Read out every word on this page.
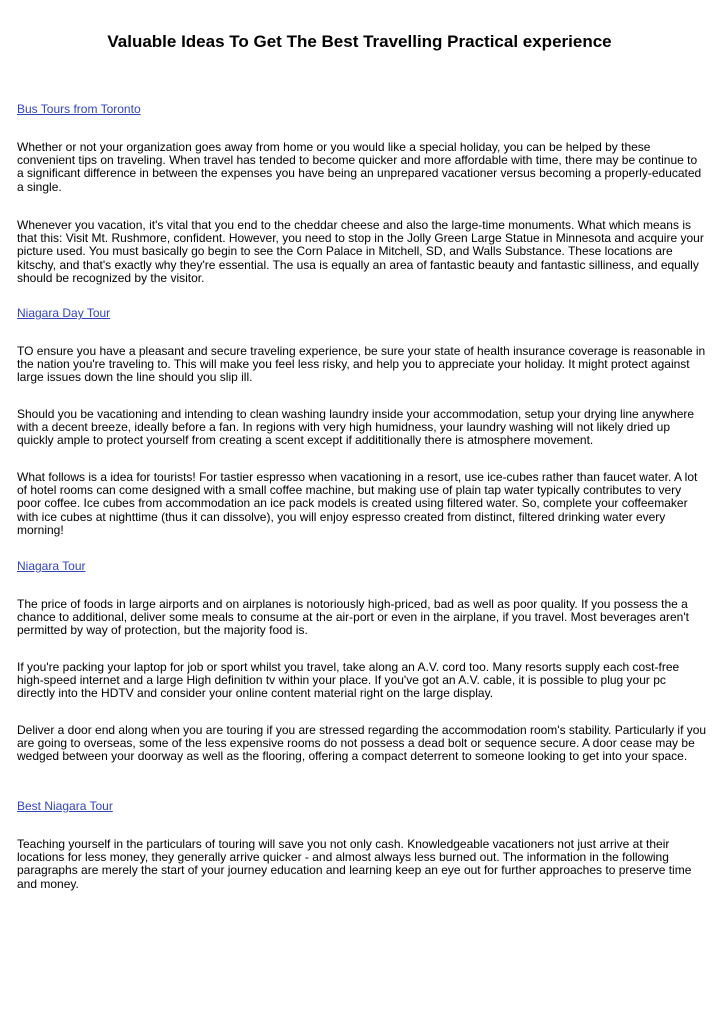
Valuable Ideas To Get The Best Travelling Practical experience

Bus Tours from Toronto

Whether or not your organization goes away from home or you would like a special holiday, you can be helped by these convenient tips on traveling. When travel has tended to become quicker and more affordable with time, there may be continue to a significant difference in between the expenses you have being an unprepared vacationer versus becoming a properly-educated a single.

Whenever you vacation, it's vital that you end to the cheddar cheese and also the large-time monuments. What which means is that this: Visit Mt. Rushmore, confident. However, you need to stop in the Jolly Green Large Statue in Minnesota and acquire your picture used. You must basically go begin to see the Corn Palace in Mitchell, SD, and Walls Substance. These locations are kitschy, and that's exactly why they're essential. The usa is equally an area of fantastic beauty and fantastic silliness, and equally should be recognized by the visitor.

Niagara Day Tour

TO ensure you have a pleasant and secure traveling experience, be sure your state of health insurance coverage is reasonable in the nation you're traveling to. This will make you feel less risky, and help you to appreciate your holiday. It might protect against large issues down the line should you slip ill.

Should you be vacationing and intending to clean washing laundry inside your accommodation, setup your drying line anywhere with a decent breeze, ideally before a fan. In regions with very high humidness, your laundry washing will not likely dried up quickly ample to protect yourself from creating a scent except if addititionally there is atmosphere movement.

What follows is a idea for tourists! For tastier espresso when vacationing in a resort, use ice-cubes rather than faucet water. A lot of hotel rooms can come designed with a small coffee machine, but making use of plain tap water typically contributes to very poor coffee. Ice cubes from accommodation an ice pack models is created using filtered water. So, complete your coffeemaker with ice cubes at nighttime (thus it can dissolve), you will enjoy espresso created from distinct, filtered drinking water every morning!

Niagara Tour

The price of foods in large airports and on airplanes is notoriously high-priced, bad as well as poor quality. If you possess the a chance to additional, deliver some meals to consume at the air-port or even in the airplane, if you travel. Most beverages aren't permitted by way of protection, but the majority food is.

If you're packing your laptop for job or sport whilst you travel, take along an A.V. cord too. Many resorts supply each cost-free high-speed internet and a large High definition tv within your place. If you've got an A.V. cable, it is possible to plug your pc directly into the HDTV and consider your online content material right on the large display.

Deliver a door end along when you are touring if you are stressed regarding the accommodation room's stability. Particularly if you are going to overseas, some of the less expensive rooms do not possess a dead bolt or sequence secure. A door cease may be wedged between your doorway as well as the flooring, offering a compact deterrent to someone looking to get into your space.

Best Niagara Tour

Teaching yourself in the particulars of touring will save you not only cash. Knowledgeable vacationers not just arrive at their locations for less money, they generally arrive quicker - and almost always less burned out. The information in the following paragraphs are merely the start of your journey education and learning keep an eye out for further approaches to preserve time and money.
